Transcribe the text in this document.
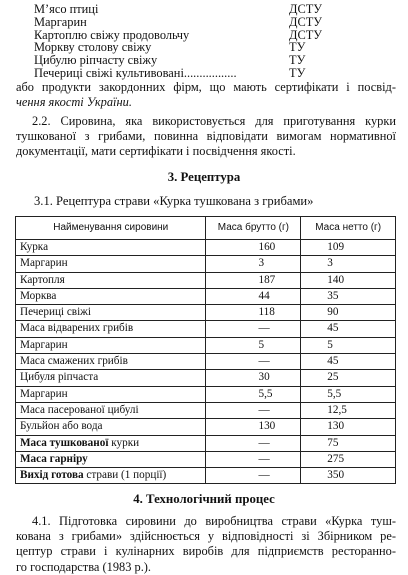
М’ясо птиці	ДСТУ
Маргарин	ДСТУ
Картоплю свіжу продовольчу	ДСТУ
Моркву столову свіжу	ТУ
Цибулю ріпчасту свіжу	ТУ
Печериці свіжі культивовані.................	ТУ
або продукти закордонних фірм, що мають сертифікати і посвід-
чення якості України.
2.2. Сировина, яка використовується для приготування курки
тушкованої з грибами, повинна відповідати вимогам нормативної
документації, мати сертифікати і посвідчення якості.
3. Рецептура
3.1. Рецептура страви «Курка тушкована з грибами»
Найменування сировини	Маса брутто (г)	Маса нетто (г)
Курка	160	109
Маргарин	3	3
Картопля	187	140
Морква	44	35
Печериці свіжі	118	90
Маса відварених грибів	—	45
Маргарин	5	5
Маса смажених грибів	—	45
Цибуля ріпчаста	30	25
Маргарин	5,5	5,5
Маса пасерованої цибулі	—	12,5
Бульйон або вода	130	130
Маса тушкованої курки	—	75
Маса гарніру	—	275
Вихід готова страви (1 порції)	—	350
4. Технологічний процес
4.1. Підготовка сировини до виробництва страви «Курка туш-
кована з грибами» здійснюється у відповідності зі Збірником ре-
цептур страви і кулінарних виробів для підприємств ресторанно-
го господарства (1983 р.).
